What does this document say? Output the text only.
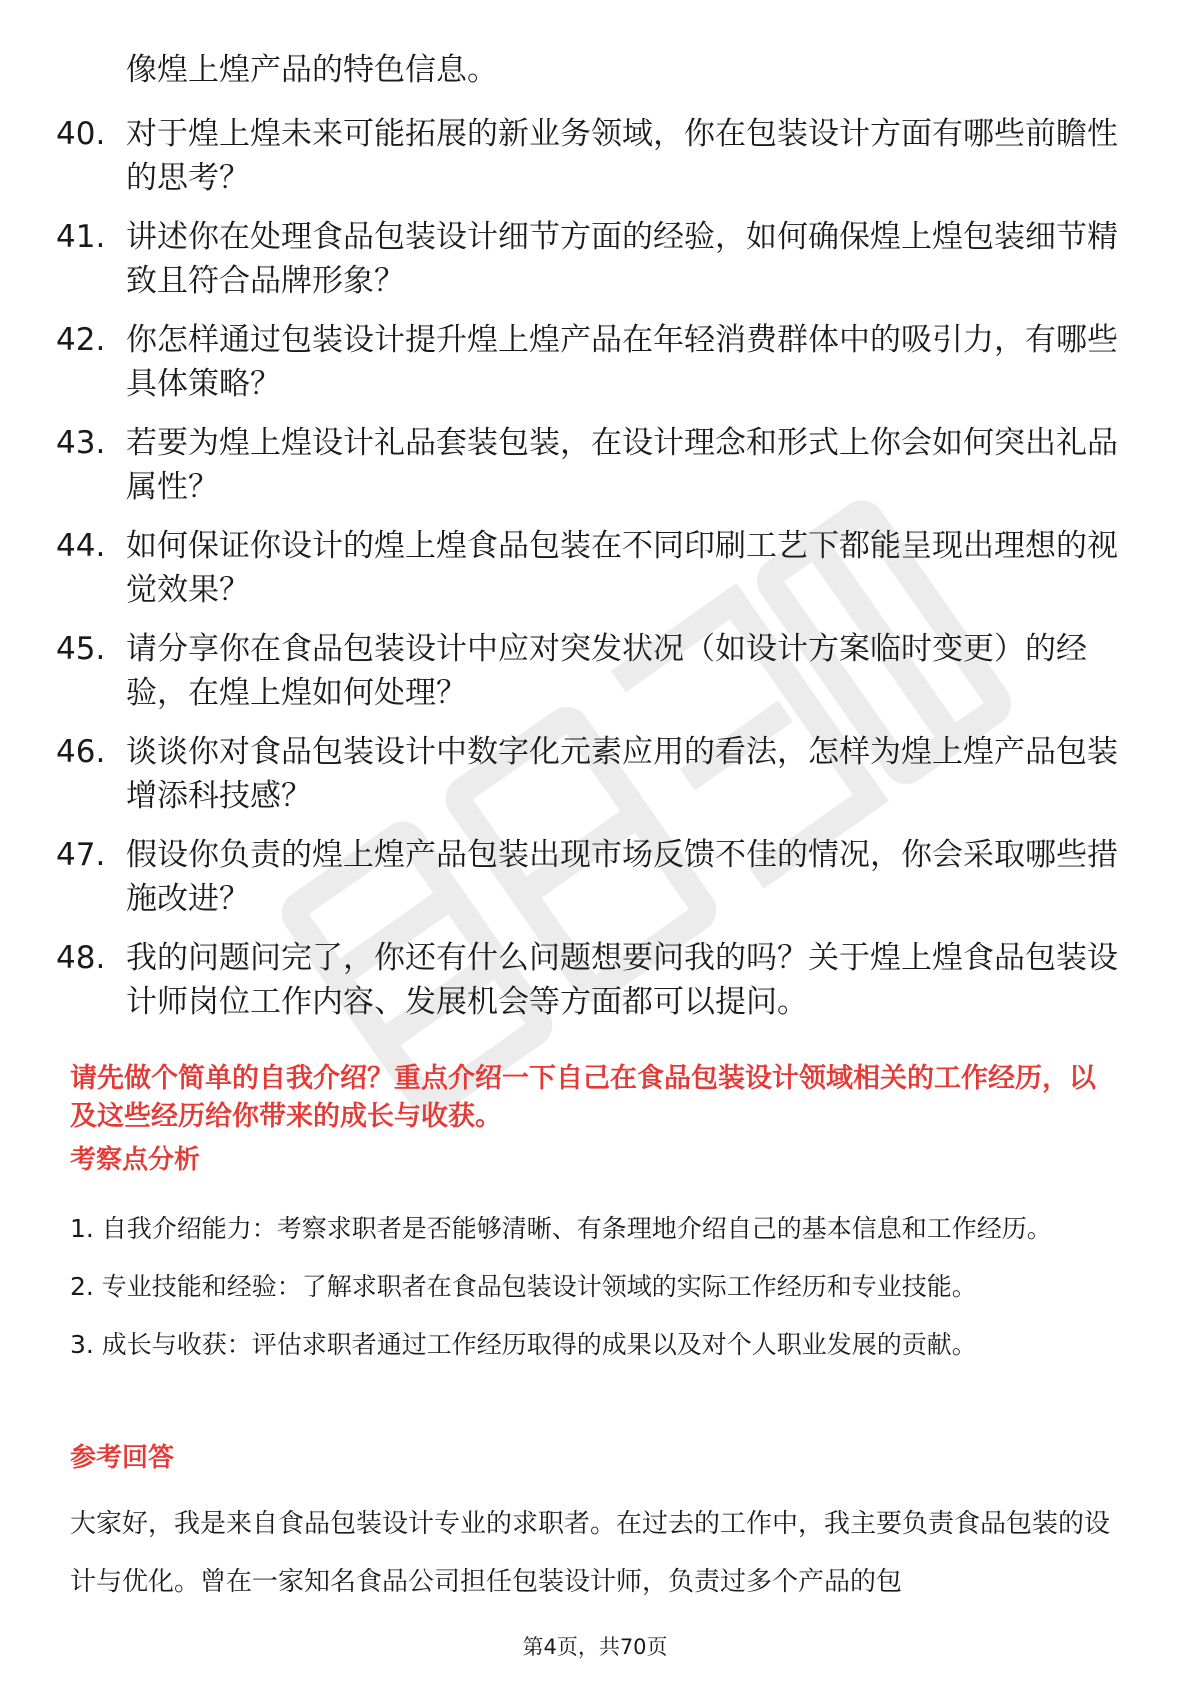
像煌上煌产品的特色信息。

40. 对于煌上煌未来可能拓展的新业务领域，你在包装设计方面有哪些前瞻性的思考？
41. 讲述你在处理食品包装设计细节方面的经验，如何确保煌上煌包装细节精致且符合品牌形象？
42. 你怎样通过包装设计提升煌上煌产品在年轻消费群体中的吸引力，有哪些具体策略？
43. 若要为煌上煌设计礼品套装包装，在设计理念和形式上你会如何突出礼品属性？
44. 如何保证你设计的煌上煌食品包装在不同印刷工艺下都能呈现出理想的视觉效果？
45. 请分享你在食品包装设计中应对突发状况（如设计方案临时变更）的经验，在煌上煌如何处理？
46. 谈谈你对食品包装设计中数字化元素应用的看法，怎样为煌上煌产品包装增添科技感？
47. 假设你负责的煌上煌产品包装出现市场反馈不佳的情况，你会采取哪些措施改进？
48. 我的问题问完了，你还有什么问题想要问我的吗？关于煌上煌食品包装设计师岗位工作内容、发展机会等方面都可以提问。

请先做个简单的自我介绍？重点介绍一下自己在食品包装设计领域相关的工作经历，以及这些经历给你带来的成长与收获。

考察点分析
1. 自我介绍能力：考察求职者是否能够清晰、有条理地介绍自己的基本信息和工作经历。
2. 专业技能和经验：了解求职者在食品包装设计领域的实际工作经历和专业技能。
3. 成长与收获：评估求职者通过工作经历取得的成果以及对个人职业发展的贡献。
参考回答

大家好，我是来自食品包装设计专业的求职者。在过去的工作中，我主要负责食品包装的设计与优化。曾在一家知名食品公司担任包装设计师，负责过多个产品的包

第4页，共70页
